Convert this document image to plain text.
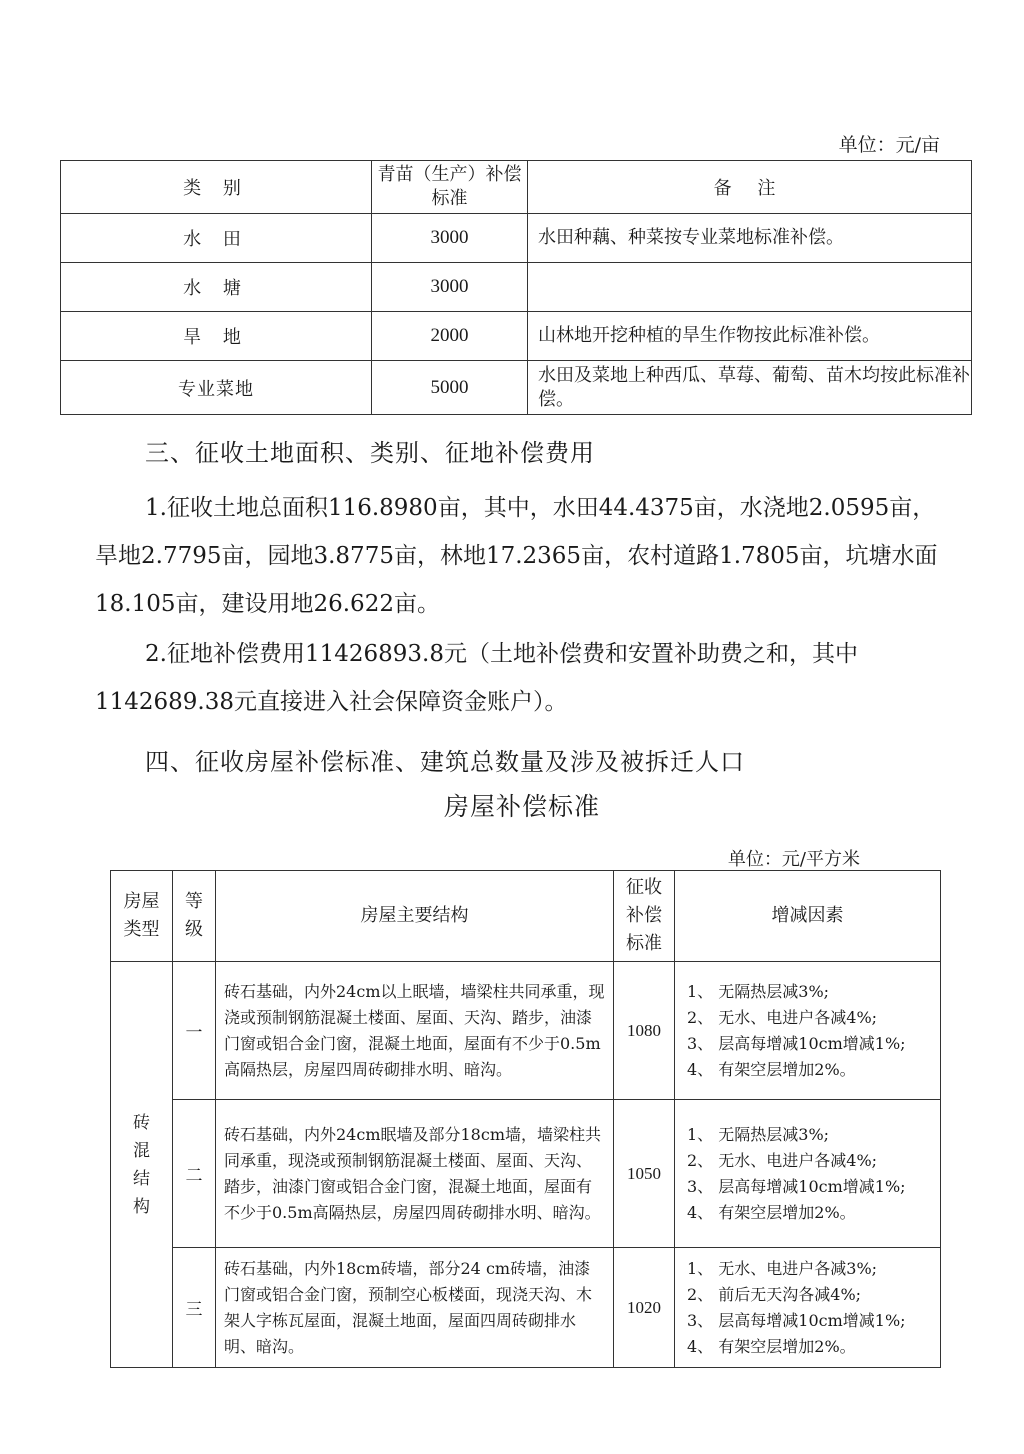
单位：元/亩
类 别	青苗（生产）补偿标准	备 注
水 田	3000	水田种藕、种菜按专业菜地标准补偿。
水 塘	3000	
旱 地	2000	山林地开挖种植的旱生作物按此标准补偿。
专业菜地	5000	水田及菜地上种西瓜、草莓、葡萄、苗木均按此标准补偿。
三、征收土地面积、类别、征地补偿费用
1.征收土地总面积116.8980亩，其中，水田44.4375亩，水浇地2.0595亩，旱地2.7795亩，园地3.8775亩，林地17.2365亩，农村道路1.7805亩，坑塘水面18.105亩，建设用地26.622亩。
2.征地补偿费用11426893.8元（土地补偿费和安置补助费之和，其中1142689.38元直接进入社会保障资金账户）。
四、征收房屋补偿标准、建筑总数量及涉及被拆迁人口
房屋补偿标准
单位：元/平方米
房屋类型	等级	房屋主要结构	征收补偿标准	增减因素

砖混结构	一	砖石基础，内外24cm以上眠墙，墙梁柱共同承重，现浇或预制钢筋混凝土楼面、屋面、天沟、踏步，油漆门窗或铝合金门窗，混凝土地面，屋面有不少于0.5m高隔热层，房屋四周砖砌排水明、暗沟。	1080	1、 无隔热层减3%;
2、 无水、电进户各减4%;
3、 层高每增减10cm增减1%;
4、 有架空层增加2%。

	二	砖石基础，内外24cm眠墙及部分18cm墙，墙梁柱共同承重，现浇或预制钢筋混凝土楼面、屋面、天沟、踏步，油漆门窗或铝合金门窗，混凝土地面，屋面有不少于0.5m高隔热层，房屋四周砖砌排水明、暗沟。	1050	1、 无隔热层减3%;
2、 无水、电进户各减4%;
3、 层高每增减10cm增减1%;
4、 有架空层增加2%。

	三	砖石基础，内外18cm砖墙，部分24 cm砖墙，油漆门窗或铝合金门窗，预制空心板楼面，现浇天沟、木架人字栋瓦屋面，混凝土地面，屋面四周砖砌排水明、暗沟。	1020	1、 无水、电进户各减3%;
2、 前后无天沟各减4%;
3、 层高每增减10cm增减1%;
4、 有架空层增加2%。
